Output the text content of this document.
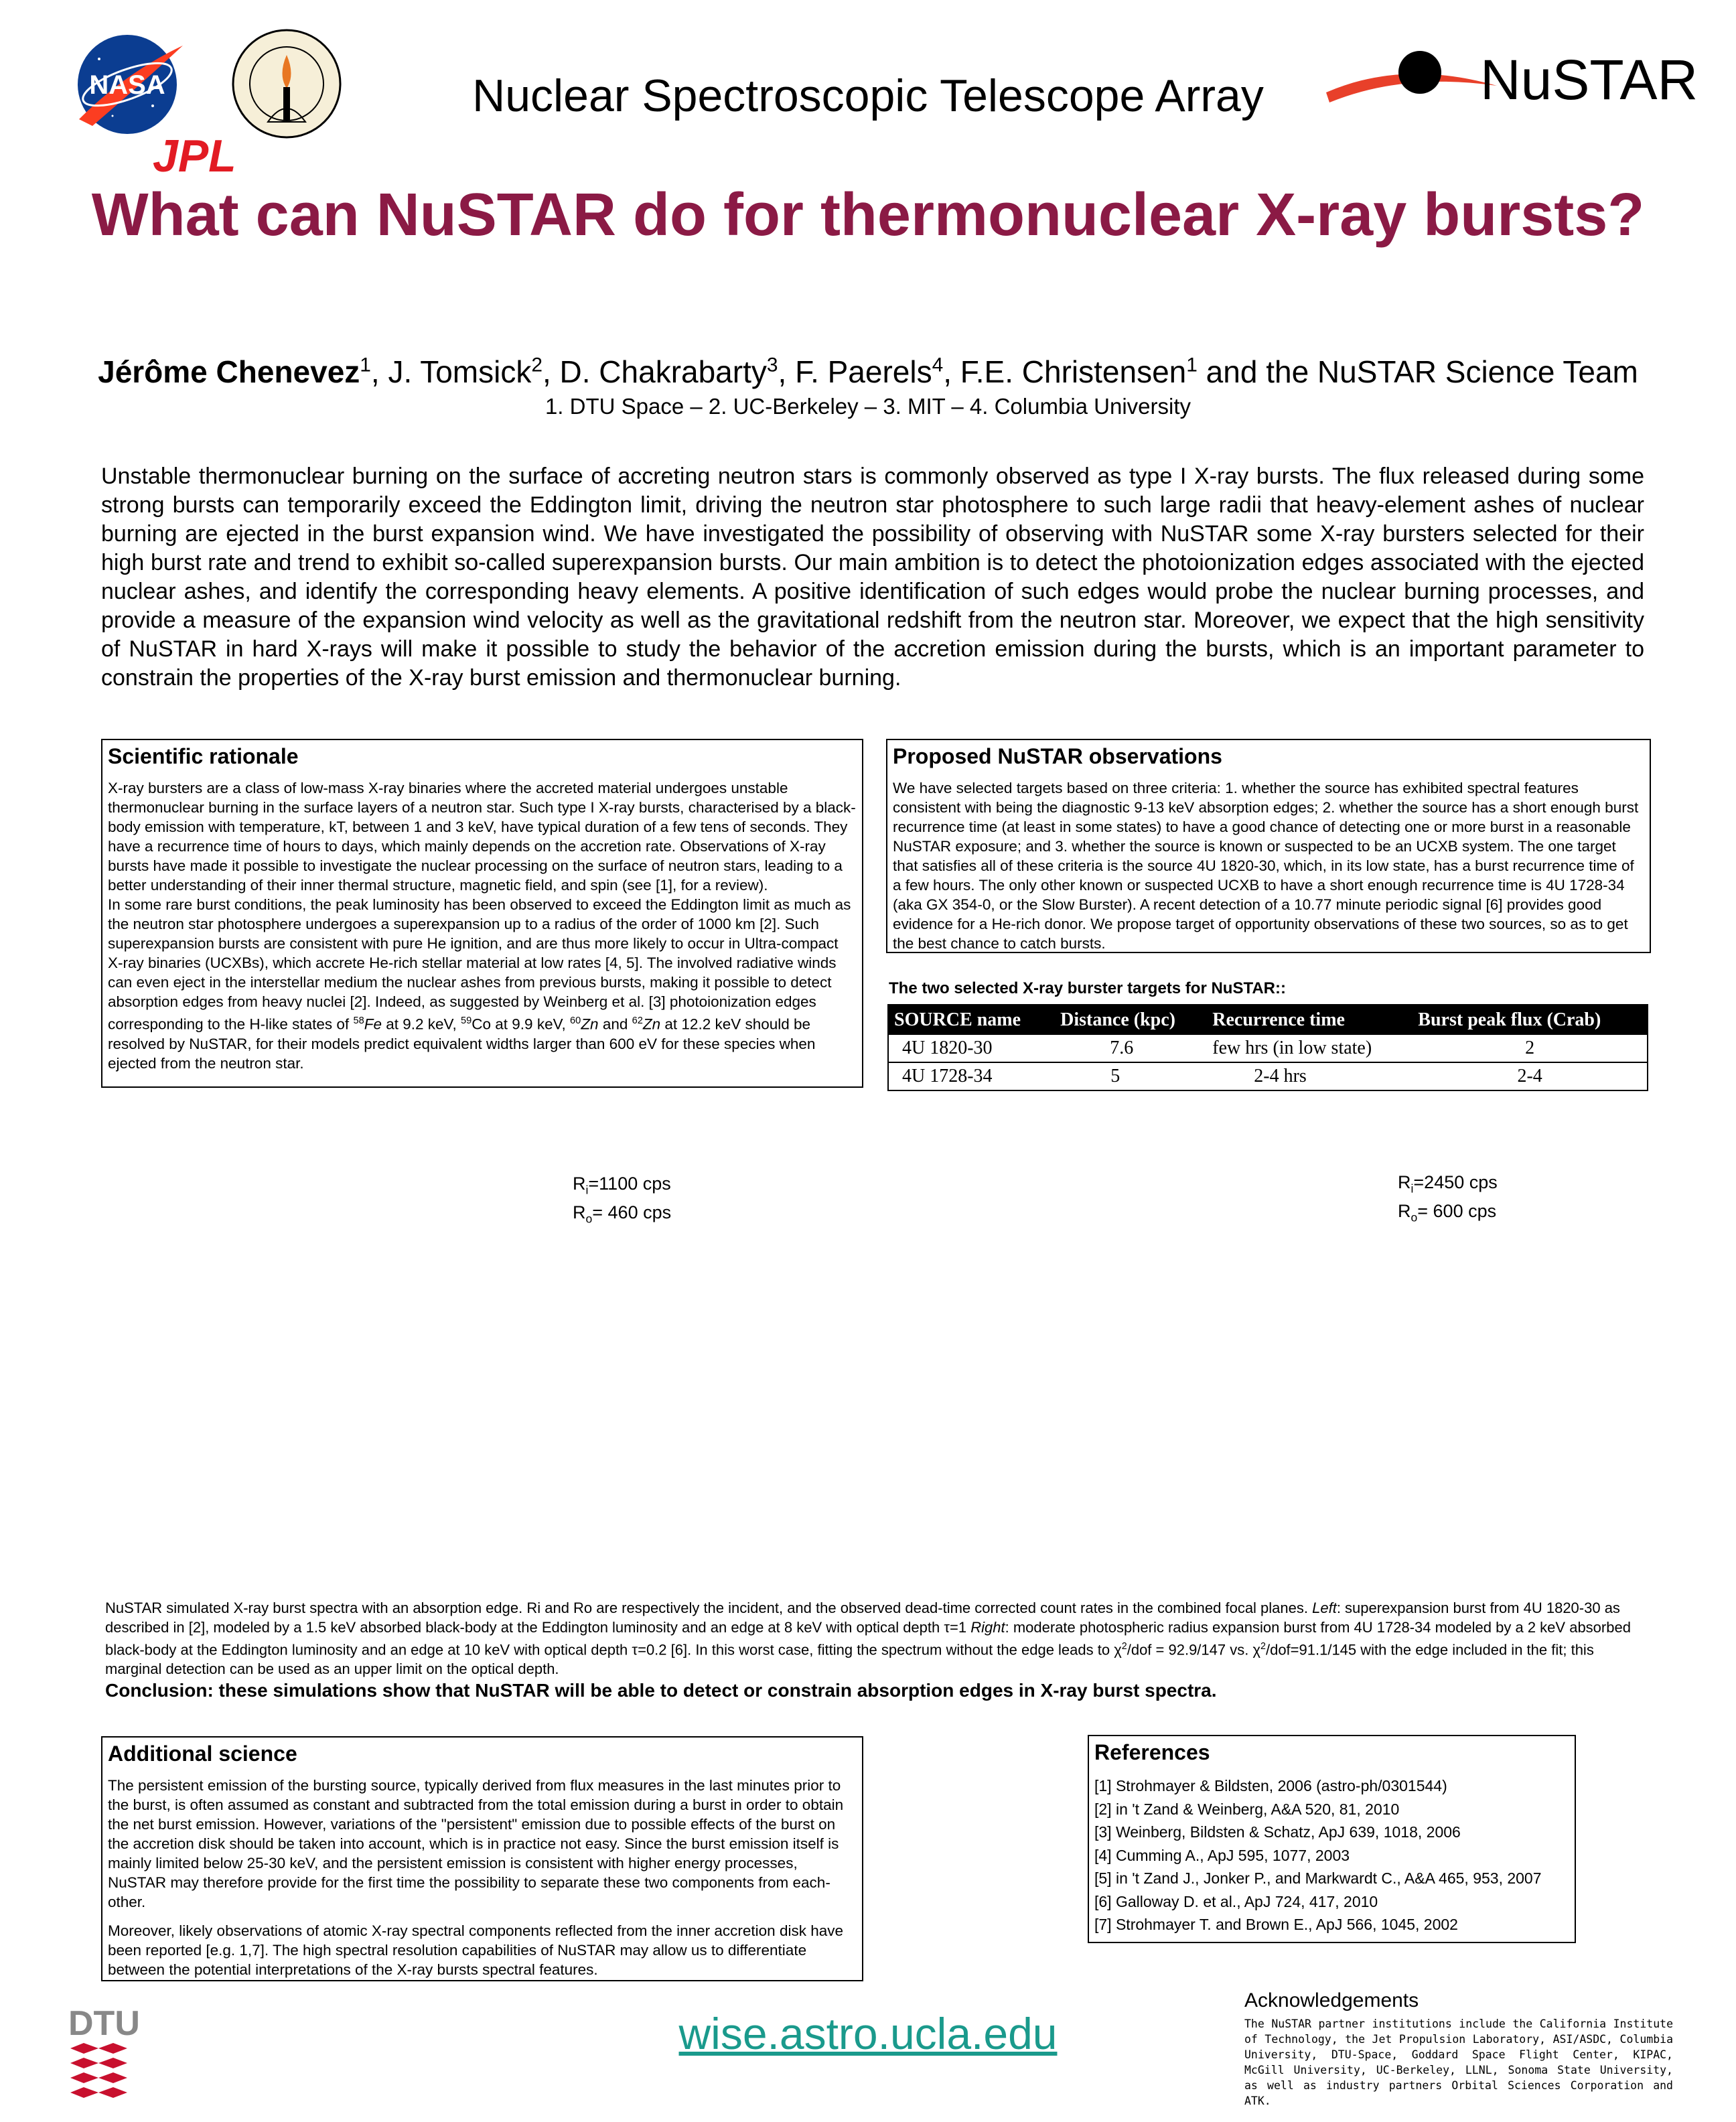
NASA
JPL
NuSTAR
Nuclear Spectroscopic Telescope Array
What can NuSTAR do for thermonuclear X-ray bursts?
Jérôme Chenevez$^1$, J. Tomsick$^2$, D. Chakrabarty$^3$, F. Paerels$^4$, F.E. Christensen$^1$ and the NuSTAR Science Team
1. DTU Space – 2. UC-Berkeley – 3. MIT – 4. Columbia University
Unstable thermonuclear burning on the surface of accreting neutron stars is commonly observed as type I X-ray bursts. The flux released during some strong bursts can temporarily exceed the Eddington limit, driving the neutron star photosphere to such large radii that heavy-element ashes of nuclear burning are ejected in the burst expansion wind. We have investigated the possibility of observing with NuSTAR some X-ray bursters selected for their high burst rate and trend to exhibit so-called superexpansion bursts. Our main ambition is to detect the photoionization edges associated with the ejected nuclear ashes, and identify the corresponding heavy elements. A positive identification of such edges would probe the nuclear burning processes, and provide a measure of the expansion wind velocity as well as the gravitational redshift from the neutron star. Moreover, we expect that the high sensitivity of NuSTAR in hard X-rays will make it possible to study the behavior of the accretion emission during the bursts, which is an important parameter to constrain the properties of the X-ray burst emission and thermonuclear burning.
Scientific rationale

X-ray bursters are a class of low-mass X-ray binaries where the accreted material undergoes unstable thermonuclear burning in the surface layers of a neutron star. Such type I X-ray bursts, characterised by a black-body emission with temperature, kT, between 1 and 3 keV, have typical duration of a few tens of seconds. They have a recurrence time of hours to days, which mainly depends on the accretion rate. Observations of X-ray bursts have made it possible to investigate the nuclear processing on the surface of neutron stars, leading to a better understanding of their inner thermal structure, magnetic field, and spin (see [1], for a review).

In some rare burst conditions, the peak luminosity has been observed to exceed the Eddington limit as much as the neutron star photosphere undergoes a superexpansion up to a radius of the order of 1000 km [2]. Such superexpansion bursts are consistent with pure He ignition, and are thus more likely to occur in Ultra-compact X-ray binaries (UCXBs), which accrete He-rich stellar material at low rates [4, 5]. The involved radiative winds can even eject in the interstellar medium the nuclear ashes from previous bursts, making it possible to detect absorption edges from heavy nuclei [2]. Indeed, as suggested by Weinberg et al. [3] photoionization edges corresponding to the H-like states of $^{58}$Fe at 9.2 keV, $^{59}$Co at 9.9 keV, $^{60}$Zn and $^{62}$Zn at 12.2 keV should be resolved by NuSTAR, for their models predict equivalent widths larger than 600 eV for these species when ejected from the neutron star.

Proposed NuSTAR observations

We have selected targets based on three criteria: 1. whether the source has exhibited spectral features consistent with being the diagnostic 9-13 keV absorption edges; 2. whether the source has a short enough burst recurrence time (at least in some states) to have a good chance of detecting one or more burst in a reasonable NuSTAR exposure; and 3. whether the source is known or suspected to be an UCXB system. The one target that satisfies all of these criteria is the source 4U 1820-30, which, in its low state, has a burst recurrence time of a few hours. The only other known or suspected UCXB to have a short enough recurrence time is 4U 1728-34 (aka GX 354-0, or the Slow Burster). A recent detection of a 10.77 minute periodic signal [6] provides good evidence for a He-rich donor. We propose target of opportunity observations of these two sources, so as to get the best chance to catch bursts.

The two selected X-ray burster targets for NuSTAR::
SOURCE name	Distance (kpc)	Recurrence time	Burst peak flux (Crab)
4U 1820-30	7.6	few hrs (in low state)	2
4U 1728-34	5	2-4 hrs	2-4
$R_i=1100$ cps
$R_o= 460$ cps
$R_i=2450$ cps
$R_o= 600$ cps
NuSTAR simulated X-ray burst spectra with an absorption edge. Ri and Ro are respectively the incident, and the observed dead-time corrected count rates in the combined focal planes. Left: superexpansion burst from 4U 1820-30 as described in [2], modeled by a 1.5 keV absorbed black-body at the Eddington luminosity and an edge at 8 keV with optical depth τ=1 Right: moderate photospheric radius expansion burst from 4U 1728-34 modeled by a 2 keV absorbed black-body at the Eddington luminosity and an edge at 10 keV with optical depth τ=0.2 [6]. In this worst case, fitting the spectrum without the edge leads to $\chi^2$/dof = 92.9/147 vs. $\chi^2/dof=91.1/145$ with the edge included in the fit; this marginal detection can be used as an upper limit on the optical depth.
Conclusion: these simulations show that NuSTAR will be able to detect or constrain absorption edges in X-ray burst spectra.
Additional science

The persistent emission of the bursting source, typically derived from flux measures in the last minutes prior to the burst, is often assumed as constant and subtracted from the total emission during a burst in order to obtain the net burst emission. However, variations of the "persistent" emission due to possible effects of the burst on the accretion disk should be taken into account, which is in practice not easy. Since the burst emission itself is mainly limited below 25-30 keV, and the persistent emission is consistent with higher energy processes, NuSTAR may therefore provide for the first time the possibility to separate these two components from each-other.

Moreover, likely observations of atomic X-ray spectral components reflected from the inner accretion disk have been reported [e.g. 1,7]. The high spectral resolution capabilities of NuSTAR may allow us to differentiate between the potential interpretations of the X-ray bursts spectral features.

References
[1] Strohmayer & Bildsten, 2006 (astro-ph/0301544)
[2] in 't Zand & Weinberg, A&A 520, 81, 2010
[3] Weinberg, Bildsten & Schatz, ApJ 639, 1018, 2006
[4] Cumming A., ApJ 595, 1077, 2003
[5] in 't Zand J., Jonker P., and Markwardt C., A&A 465, 953, 2007
[6] Galloway D. et al., ApJ 724, 417, 2010
[7] Strohmayer T. and Brown E., ApJ 566, 1045, 2002
DTU	wise.astro.ucla.edu
Acknowledgements
The NuSTAR partner institutions include the California Institute of Technology, the Jet Propulsion Laboratory, ASI/ASDC, Columbia University, DTU-Space, Goddard Space Flight Center, KIPAC, McGill University, UC-Berkeley, LLNL, Sonoma State University, as well as industry partners Orbital Sciences Corporation and ATK.
